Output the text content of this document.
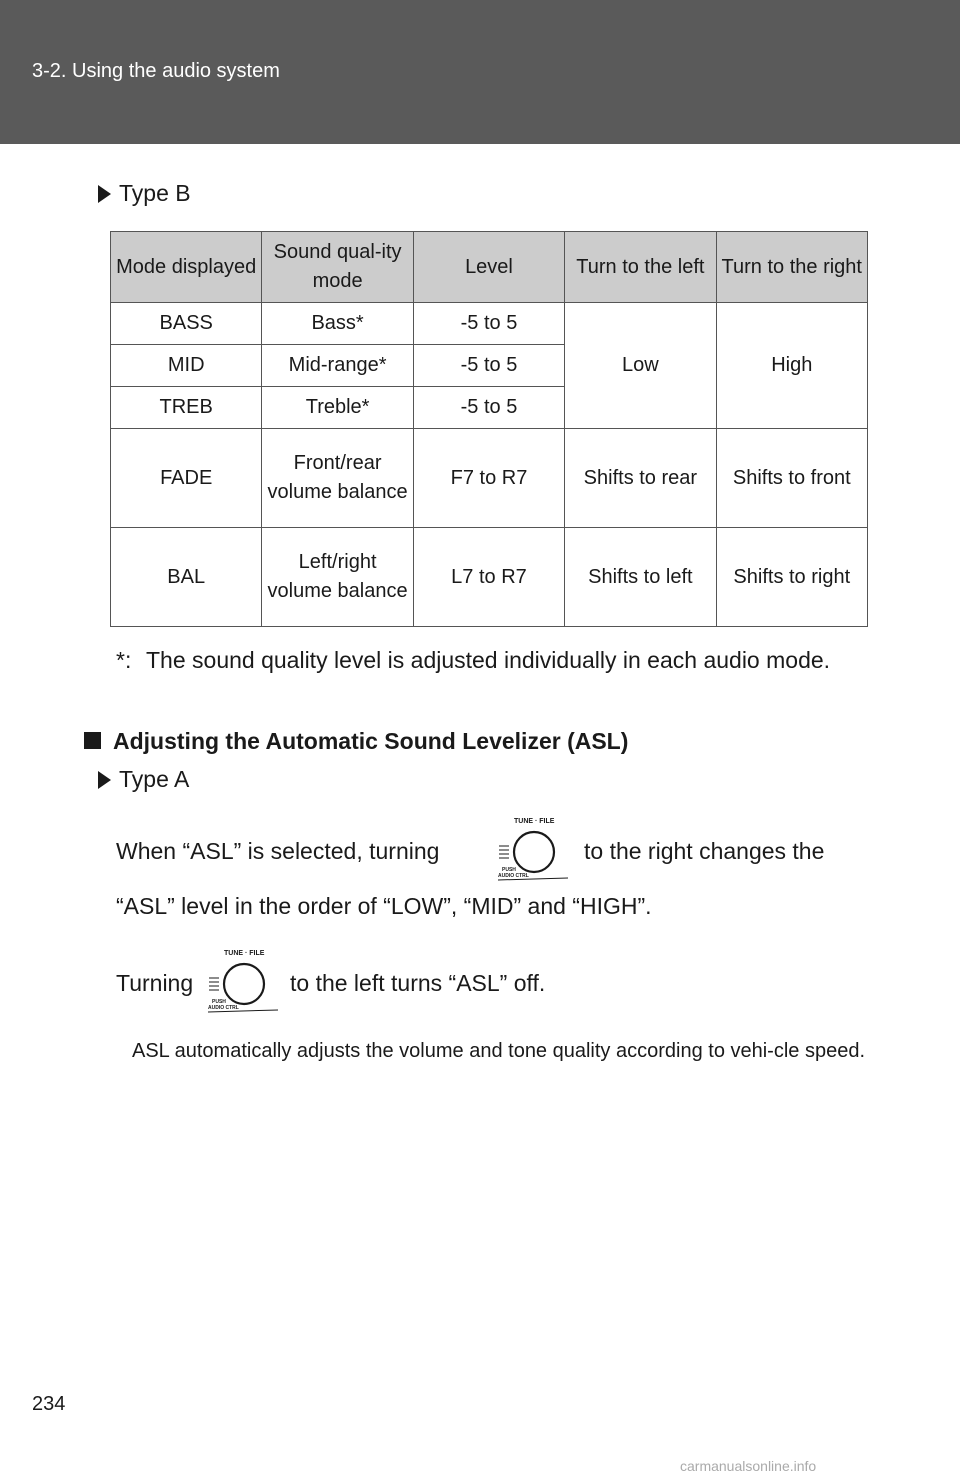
3-2. Using the audio system
Type B
Mode displayed	Sound qual-ity mode	Level	Turn to the left	Turn to the right
BASS	Bass*	-5 to 5	Low	High
MID	Mid-range*	-5 to 5		
TREB	Treble*	-5 to 5		
FADE	Front/rear volume balance	F7 to R7	Shifts to rear	Shifts to front
BAL	Left/right volume balance	L7 to R7	Shifts to left	Shifts to right
*: The sound quality level is adjusted individually in each audio mode.
Adjusting the Automatic Sound Levelizer (ASL)
Type A
When “ASL” is selected, turning
TUNE · FILE
PUSH
AUDIO CTRL
to the right changes the
“ASL” level in the order of “LOW”, “MID” and “HIGH”.
Turning
TUNE · FILE
PUSH
AUDIO CTRL
to the left turns “ASL” off.
ASL automatically adjusts the volume and tone quality according to vehi-cle speed.
234
carmanualsonline.info
